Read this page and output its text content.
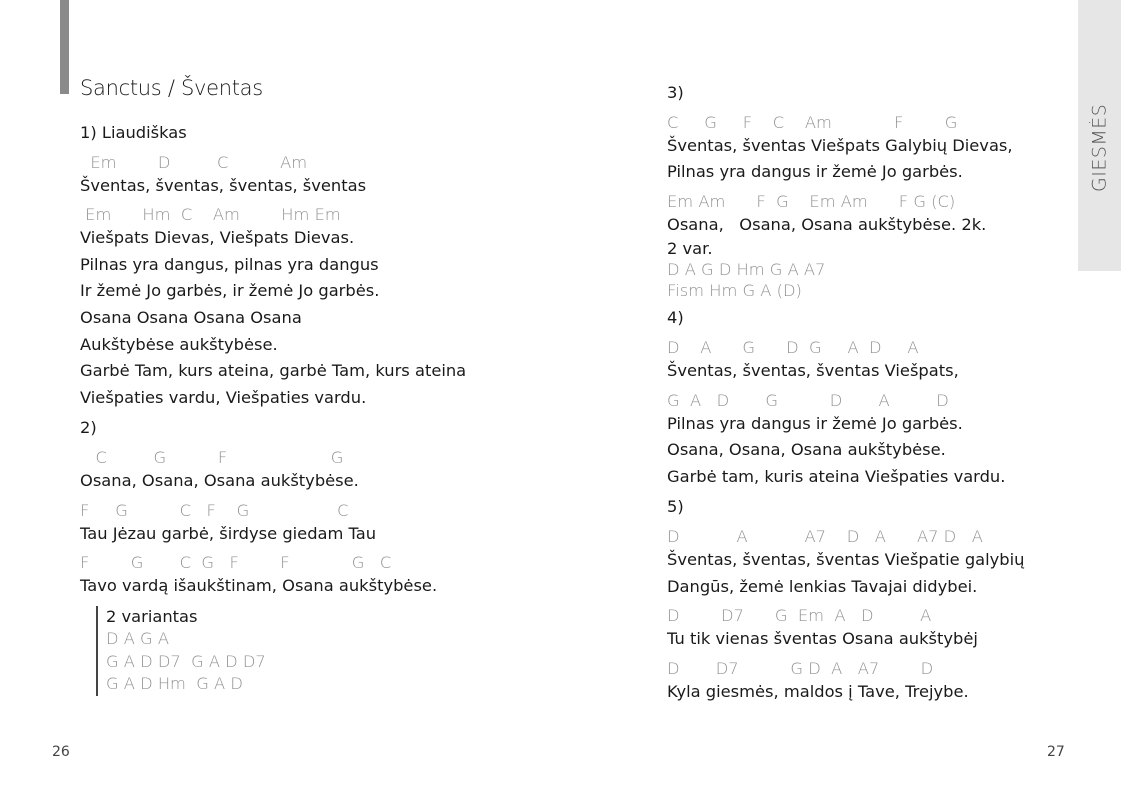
Sanctus / Šventas
1) Liaudiškas
Em        D         C          Am
Šventas, šventas, šventas, šventas
Em      Hm  C    Am        Hm Em
Viešpats Dievas, Viešpats Dievas.
Pilnas yra dangus, pilnas yra dangus
Ir žemė Jo garbės, ir žemė Jo garbės.
Osana Osana Osana Osana
Aukštybėse aukštybėse.
Garbė Tam, kurs ateina, garbė Tam, kurs ateina
Viešpaties vardu, Viešpaties vardu.
2)
C         G          F                    G
Osana, Osana, Osana aukštybėse.
F     G          C   F    G                 C
Tau Jėzau garbė, širdyse giedam Tau
F        G       C  G   F        F            G   C
Tavo vardą išaukštinam, Osana aukštybėse.
2 variantas
D A G A
G A D D7  G A D D7
G A D Hm  G A D
26
3)
C     G     F    C    Am            F        G
Šventas, šventas Viešpats Galybių Dievas,
Pilnas yra dangus ir žemė Jo garbės.
Em Am      F  G    Em Am      F G (C)
Osana,   Osana, Osana aukštybėse. 2k.
2 var.
D A G D Hm G A A7
Fism Hm G A (D)
4)
D    A      G      D  G     A  D     A
Šventas, šventas, šventas Viešpats,
G  A   D       G          D       A         D
Pilnas yra dangus ir žemė Jo garbės.
Osana, Osana, Osana aukštybėse.
Garbė tam, kuris ateina Viešpaties vardu.
5)
D           A           A7    D   A      A7 D   A
Šventas, šventas, šventas Viešpatie galybių
Dangūs, žemė lenkias Tavajai didybei.
D        D7      G  Em  A   D         A
Tu tik vienas šventas Osana aukštybėj
D       D7          G D  A   A7        D
Kyla giesmės, maldos į Tave, Trejybe.
GIESMĖS
27
